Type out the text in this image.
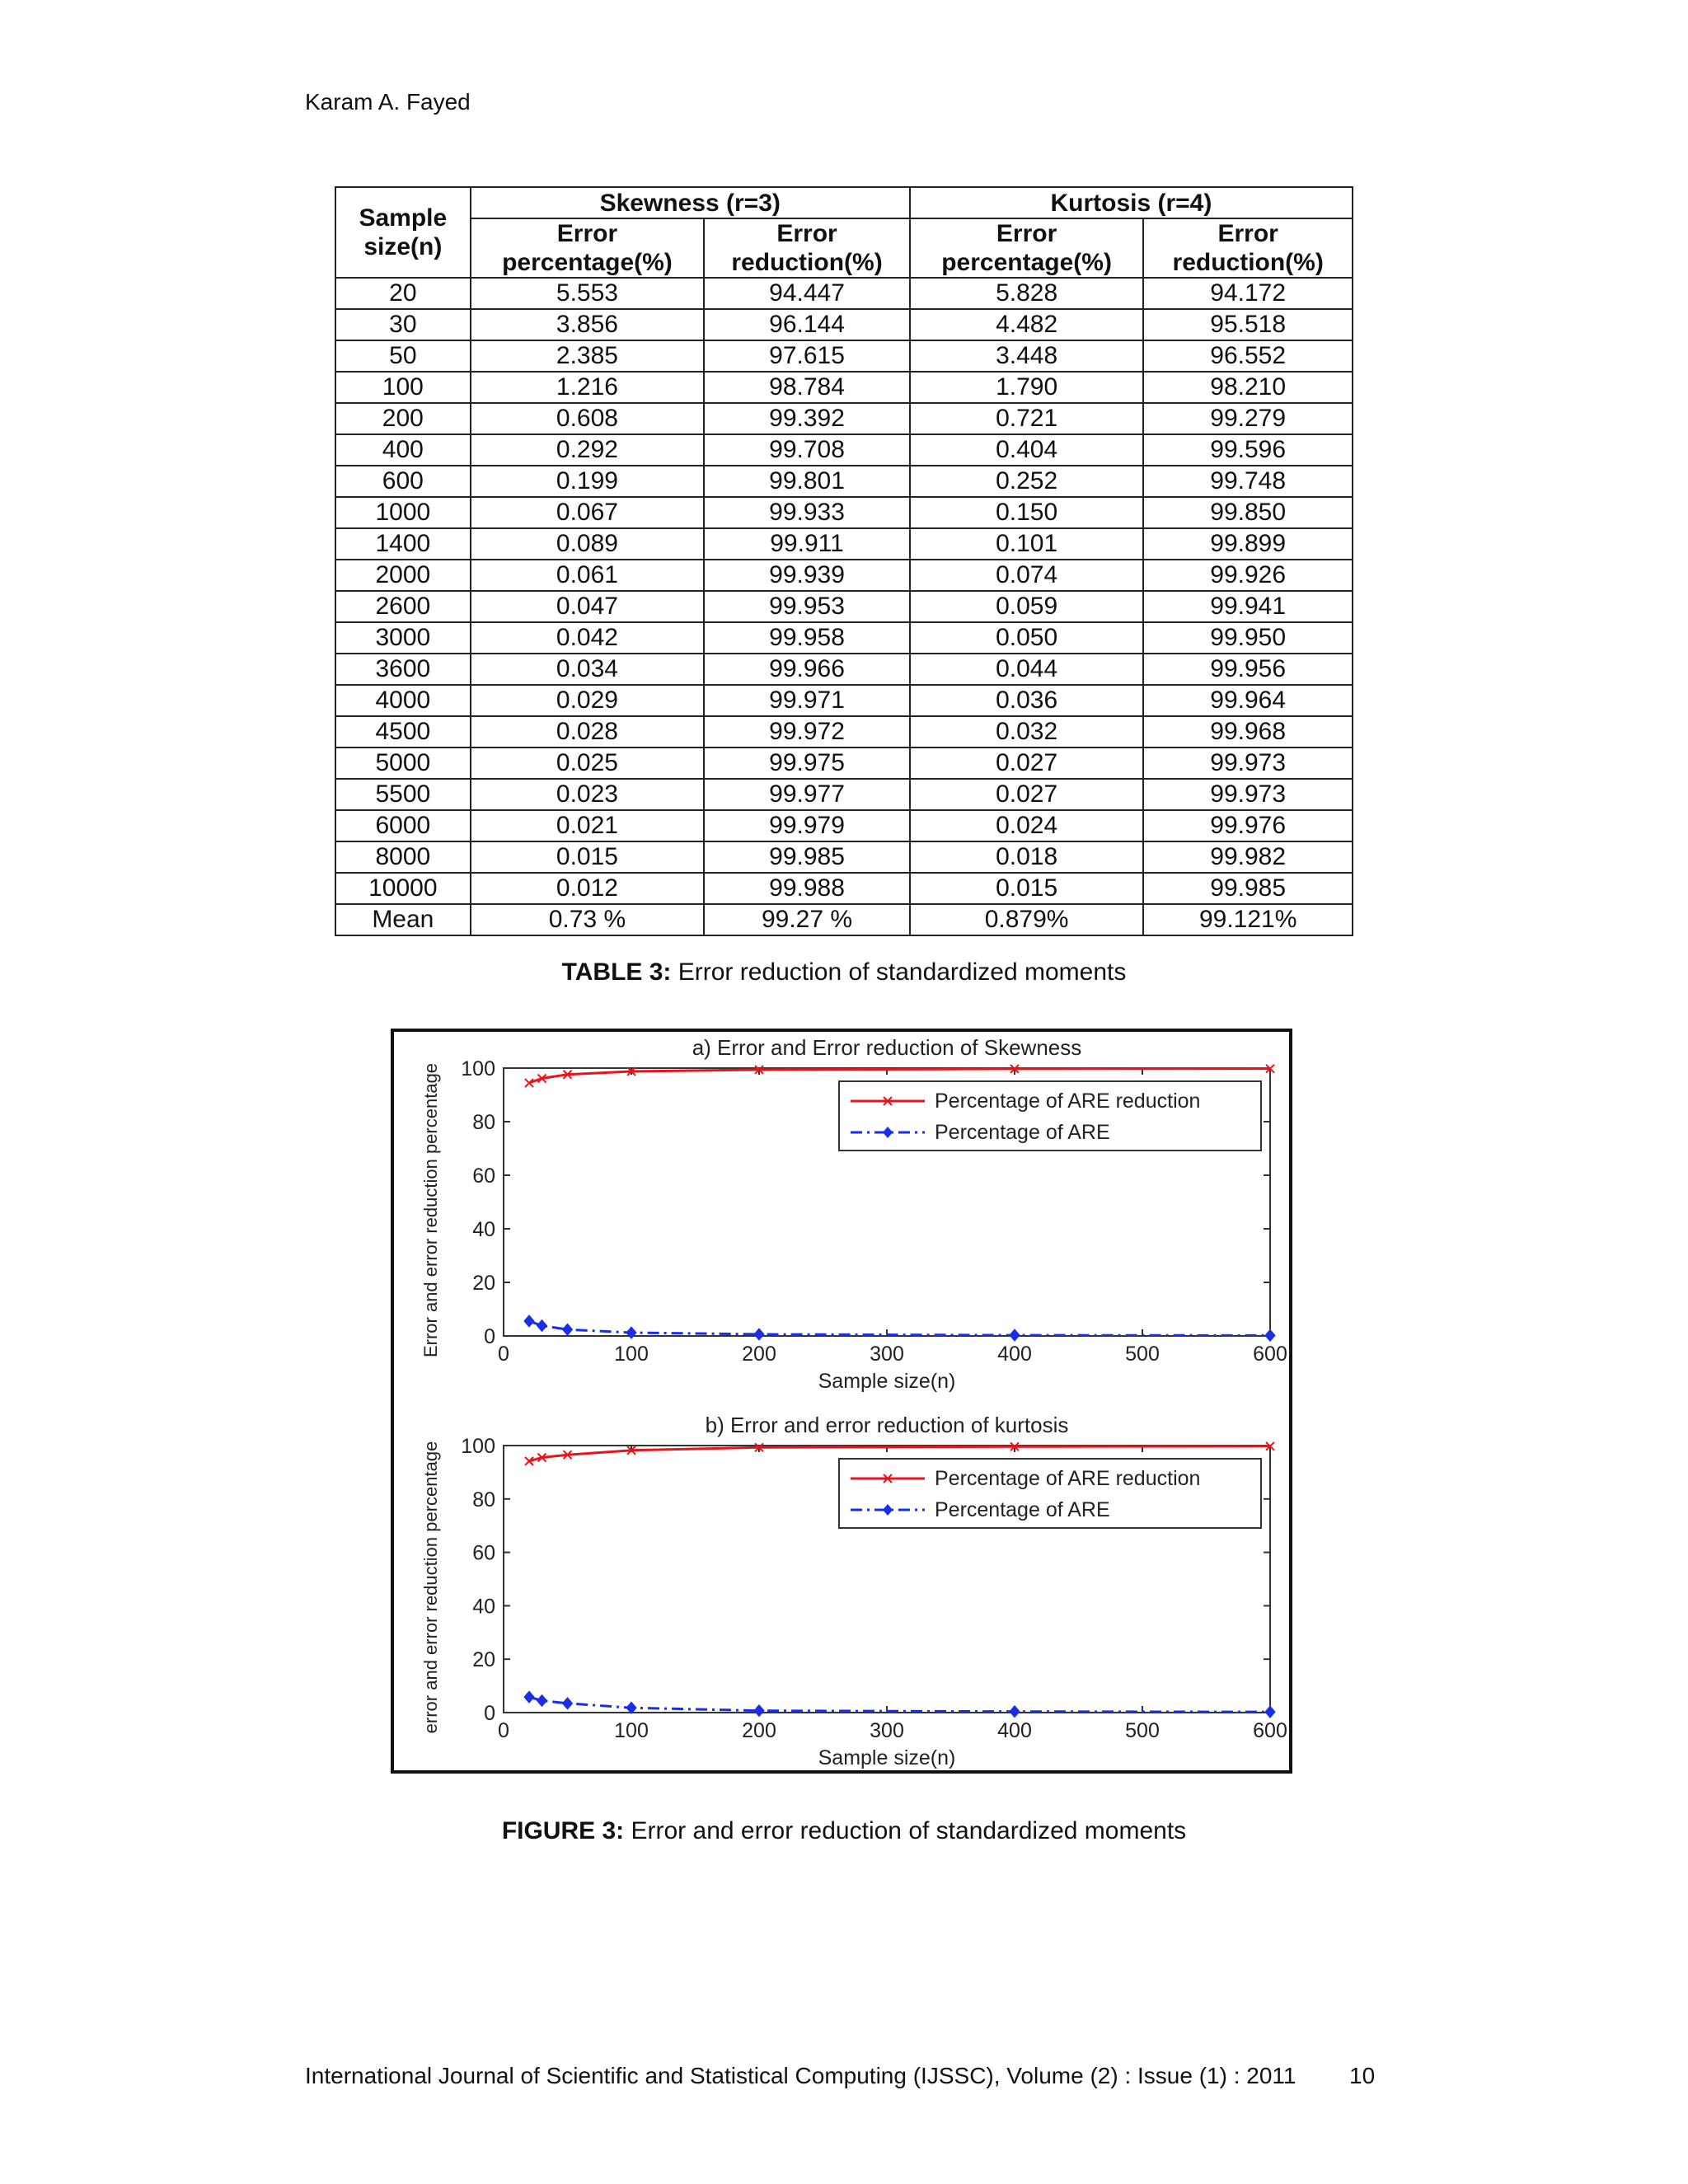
Karam A. Fayed
Sample size(n)	Skewness (r=3)		Kurtosis (r=4)	
	Error percentage(%)	Error reduction(%)	Error percentage(%)	Error reduction(%)
20	5.553	94.447	5.828	94.172
30	3.856	96.144	4.482	95.518
50	2.385	97.615	3.448	96.552
100	1.216	98.784	1.790	98.210
200	0.608	99.392	0.721	99.279
400	0.292	99.708	0.404	99.596
600	0.199	99.801	0.252	99.748
1000	0.067	99.933	0.150	99.850
1400	0.089	99.911	0.101	99.899
2000	0.061	99.939	0.074	99.926
2600	0.047	99.953	0.059	99.941
3000	0.042	99.958	0.050	99.950
3600	0.034	99.966	0.044	99.956
4000	0.029	99.971	0.036	99.964
4500	0.028	99.972	0.032	99.968
5000	0.025	99.975	0.027	99.973
5500	0.023	99.977	0.027	99.973
6000	0.021	99.979	0.024	99.976
8000	0.015	99.985	0.018	99.982
10000	0.012	99.988	0.015	99.985
Mean	0.73 %	99.27 %	0.879%	99.121%
TABLE 3: Error reduction of standardized moments
a) Error and Error reduction of Skewness
0	100	200	300	400	500	600
0
20
40
60
80
100
Sample size(n)
Error and error reduction percentage	Percentage of ARE reduction
Percentage of ARE
b) Error and error reduction of kurtosis
0	100	200	300	400	500	600
0
20
40
60
80
100
Sample size(n)
error and error reduction percentage	Percentage of ARE reduction
Percentage of ARE
FIGURE 3: Error and error reduction of standardized moments
International Journal of Scientific and Statistical Computing (IJSSC), Volume (2) : Issue (1) : 2011 10
